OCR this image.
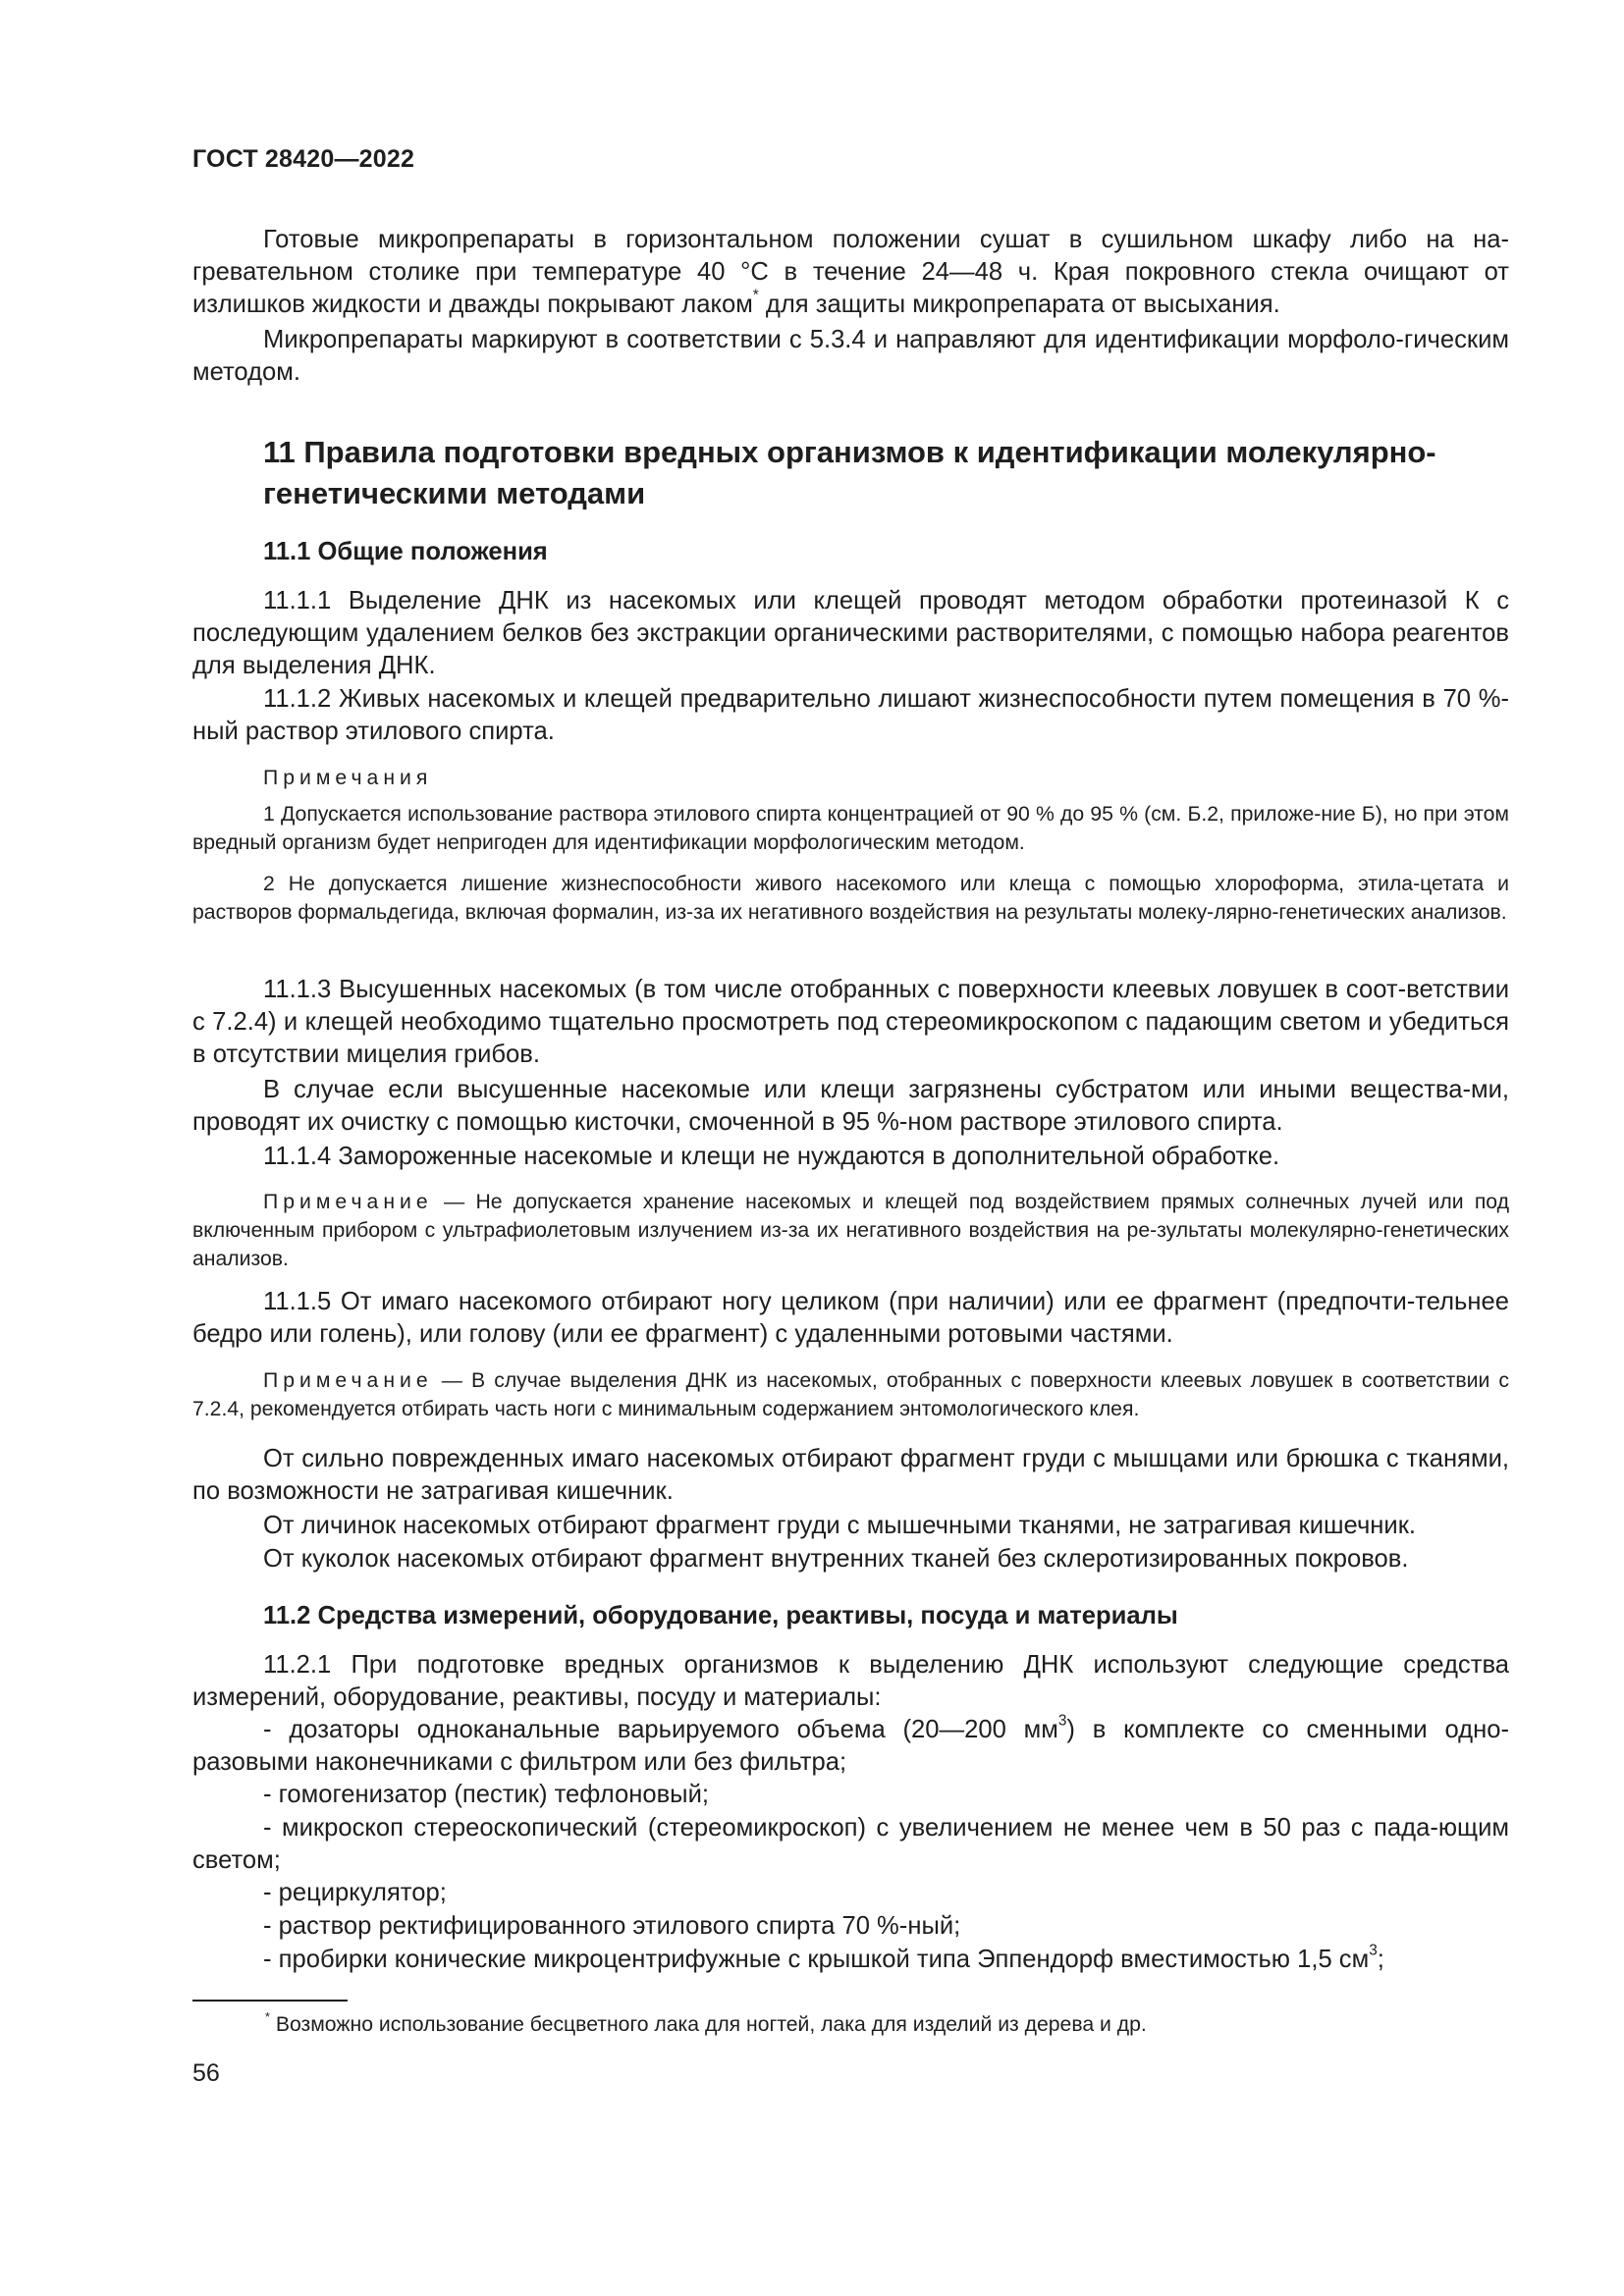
ГОСТ 28420—2022

Готовые микропрепараты в горизонтальном положении сушат в сушильном шкафу либо на на-гревательном столике при температуре 40 °С в течение 24—48 ч. Края покровного стекла очищают от излишков жидкости и дважды покрывают лаком* для защиты микропрепарата от высыхания.

Микропрепараты маркируют в соответствии с 5.3.4 и направляют для идентификации морфоло-гическим методом.

11 Правила подготовки вредных организмов к идентификации молекулярно-генетическими методами
11.1 Общие положения

11.1.1 Выделение ДНК из насекомых или клещей проводят методом обработки протеиназой К с последующим удалением белков без экстракции органическими растворителями, с помощью набора реагентов для выделения ДНК.

11.1.2 Живых насекомых и клещей предварительно лишают жизнеспособности путем помещения в 70 %-ный раствор этилового спирта.

Примечания

1 Допускается использование раствора этилового спирта концентрацией от 90 % до 95 % (см. Б.2, приложе-ние Б), но при этом вредный организм будет непригоден для идентификации морфологическим методом.

2 Не допускается лишение жизнеспособности живого насекомого или клеща с помощью хлороформа, этила-цетата и растворов формальдегида, включая формалин, из-за их негативного воздействия на результаты молеку-лярно-генетических анализов.

11.1.3 Высушенных насекомых (в том числе отобранных с поверхности клеевых ловушек в соот-ветствии с 7.2.4) и клещей необходимо тщательно просмотреть под стереомикроскопом с падающим светом и убедиться в отсутствии мицелия грибов.

В случае если высушенные насекомые или клещи загрязнены субстратом или иными вещества-ми, проводят их очистку с помощью кисточки, смоченной в 95 %-ном растворе этилового спирта.

11.1.4 Замороженные насекомые и клещи не нуждаются в дополнительной обработке.

Примечание — Не допускается хранение насекомых и клещей под воздействием прямых солнечных лучей или под включенным прибором с ультрафиолетовым излучением из-за их негативного воздействия на ре-зультаты молекулярно-генетических анализов.

11.1.5 От имаго насекомого отбирают ногу целиком (при наличии) или ее фрагмент (предпочти-тельнее бедро или голень), или голову (или ее фрагмент) с удаленными ротовыми частями.

Примечание — В случае выделения ДНК из насекомых, отобранных с поверхности клеевых ловушек в соответствии с 7.2.4, рекомендуется отбирать часть ноги с минимальным содержанием энтомологического клея.

От сильно поврежденных имаго насекомых отбирают фрагмент груди с мышцами или брюшка с тканями, по возможности не затрагивая кишечник.

От личинок насекомых отбирают фрагмент груди с мышечными тканями, не затрагивая кишечник.

От куколок насекомых отбирают фрагмент внутренних тканей без склеротизированных покровов.

11.2 Средства измерений, оборудование, реактивы, посуда и материалы

11.2.1 При подготовке вредных организмов к выделению ДНК используют следующие средства измерений, оборудование, реактивы, посуду и материалы:

- дозаторы одноканальные варьируемого объема (20—200 $мм^3$) в комплекте со сменными одно-разовыми наконечниками с фильтром или без фильтра;

- гомогенизатор (пестик) тефлоновый;

- микроскоп стереоскопический (стереомикроскоп) с увеличением не менее чем в 50 раз с пада-ющим светом;

- рециркулятор;

- раствор ректифицированного этилового спирта 70 %-ный;

- пробирки конические микроцентрифужные с крышкой типа Эппендорф вместимостью 1,5 $см^3$;

* Возможно использование бесцветного лака для ногтей, лака для изделий из дерева и др.
56
